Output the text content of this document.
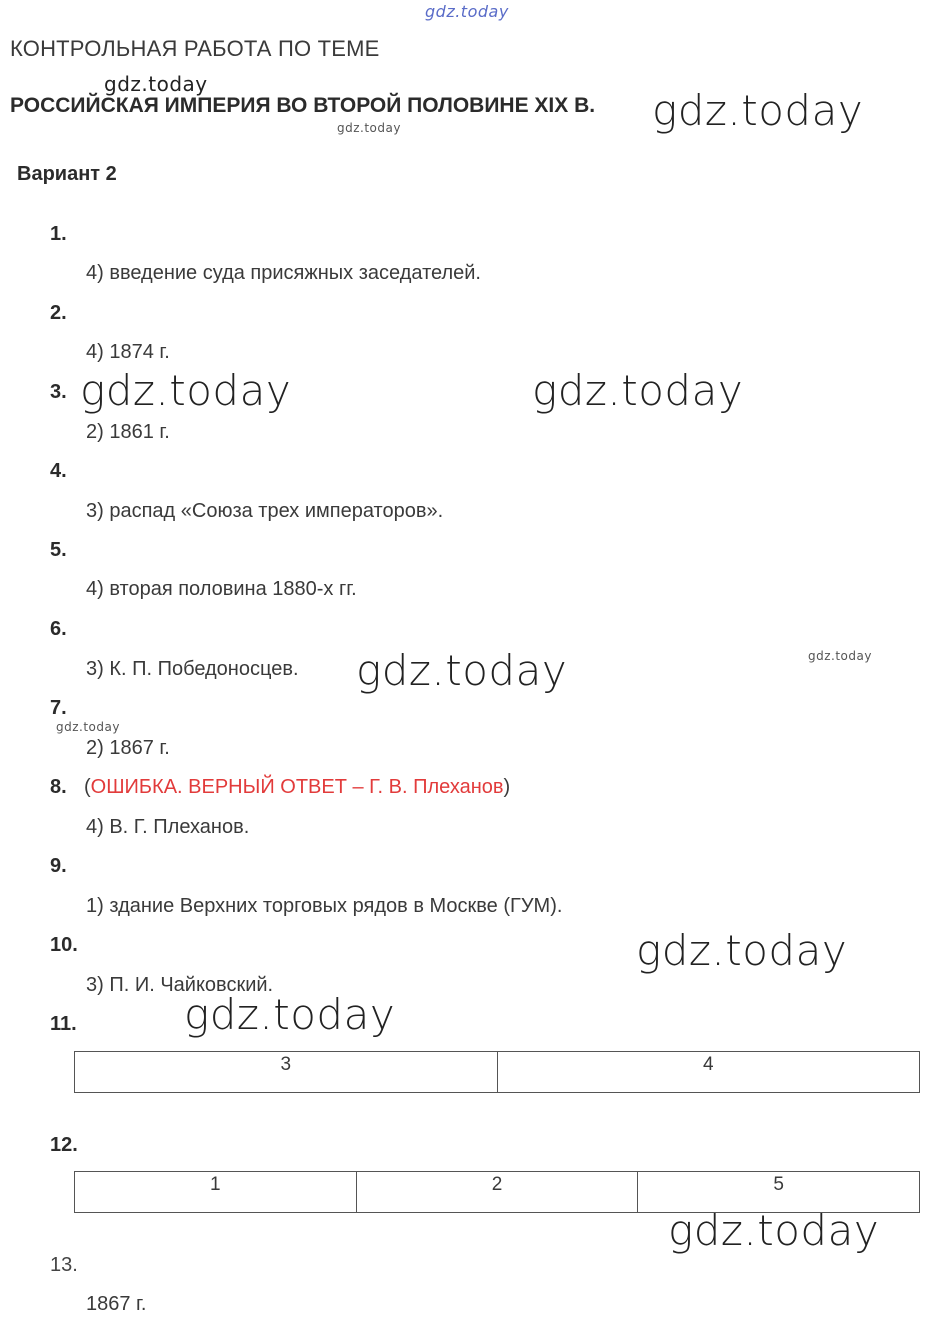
КОНТРОЛЬНАЯ РАБОТА ПО ТЕМЕ
РОССИЙСКАЯ ИМПЕРИЯ ВО ВТОРОЙ ПОЛОВИНЕ XIX В.
Вариант 2
1.
4) введение суда присяжных заседателей.
2.
4) 1874 г.
3.
2) 1861 г.
4.
3) распад «Союза трех императоров».
5.
4) вторая половина 1880-х гг.
6.
3) К. П. Победоносцев.
7.
2) 1867 г.
8. (ОШИБКА. ВЕРНЫЙ ОТВЕТ – Г. В. Плеханов)
4) В. Г. Плеханов.
9.
1) здание Верхних торговых рядов в Москве (ГУМ).
10.
3) П. И. Чайковский.
11.
3	4
12.
1	2	5
13.
1867 г.
gdz.today
gdz.today
gdz.today	gdz.today
gdz.today	gdz.today
gdz.today	gdz.today
gdz.today
gdz.today
gdz.today
gdz.today
